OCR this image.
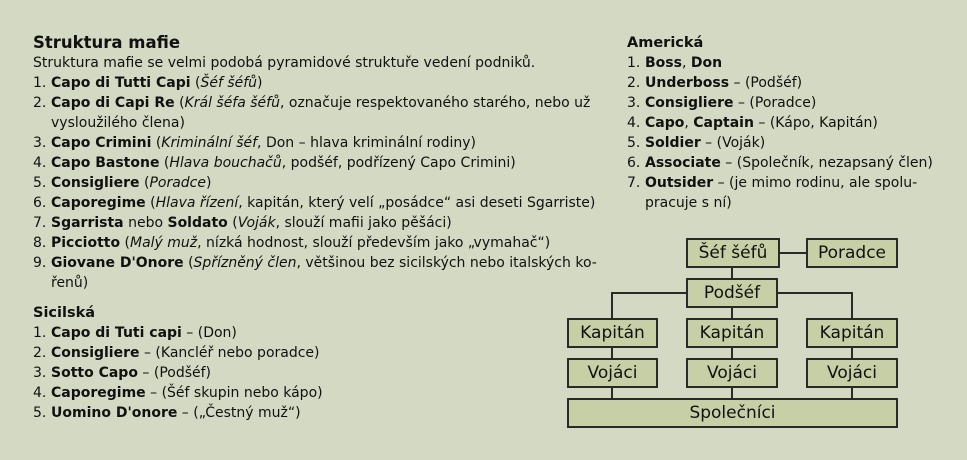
Struktura mafie

Struktura mafie se velmi podobá pyramidové struktuře vedení podniků.

1. Capo di Tutti Capi (Šéf šéfů)
2. Capo di Capi Re (Král šéfa šéfů, označuje respektovaného starého, nebo už vysloužilého člena)
3. Capo Crimini (Kriminální šéf, Don – hlava kriminální rodiny)
4. Capo Bastone (Hlava bouchačů, podšéf, podřízený Capo Crimini)
5. Consigliere (Poradce)
6. Caporegime (Hlava řízení, kapitán, který velí „posádce“ asi deseti Sgarriste)
7. Sgarrista nebo Soldato (Voják, slouží mafii jako pěšáci)
8. Picciotto (Malý muž, nízká hodnost, slouží především jako „vymahač“)
9. Giovane D'Onore (Spřízněný člen, většinou bez sicilských nebo italských ko-řenů)
Sicilská
1. Capo di Tuti capi – (Don)
2. Consigliere – (Kancléř nebo poradce)
3. Sotto Capo – (Podšéf)
4. Caporegime – (Šéf skupin nebo kápo)
5. Uomino D'onore – („Čestný muž“)
Americká
1. Boss, Don
2. Underboss – (Podšéf)
3. Consigliere – (Poradce)
4. Capo, Captain – (Kápo, Kapitán)
5. Soldier – (Voják)
6. Associate – (Společník, nezapsaný člen)
7. Outsider – (je mimo rodinu, ale spolu-pracuje s ní)
Šéf šéfů	Poradce
Podšéf
Kapitán	Kapitán	Kapitán
Vojáci	Vojáci	Vojáci
Společníci
